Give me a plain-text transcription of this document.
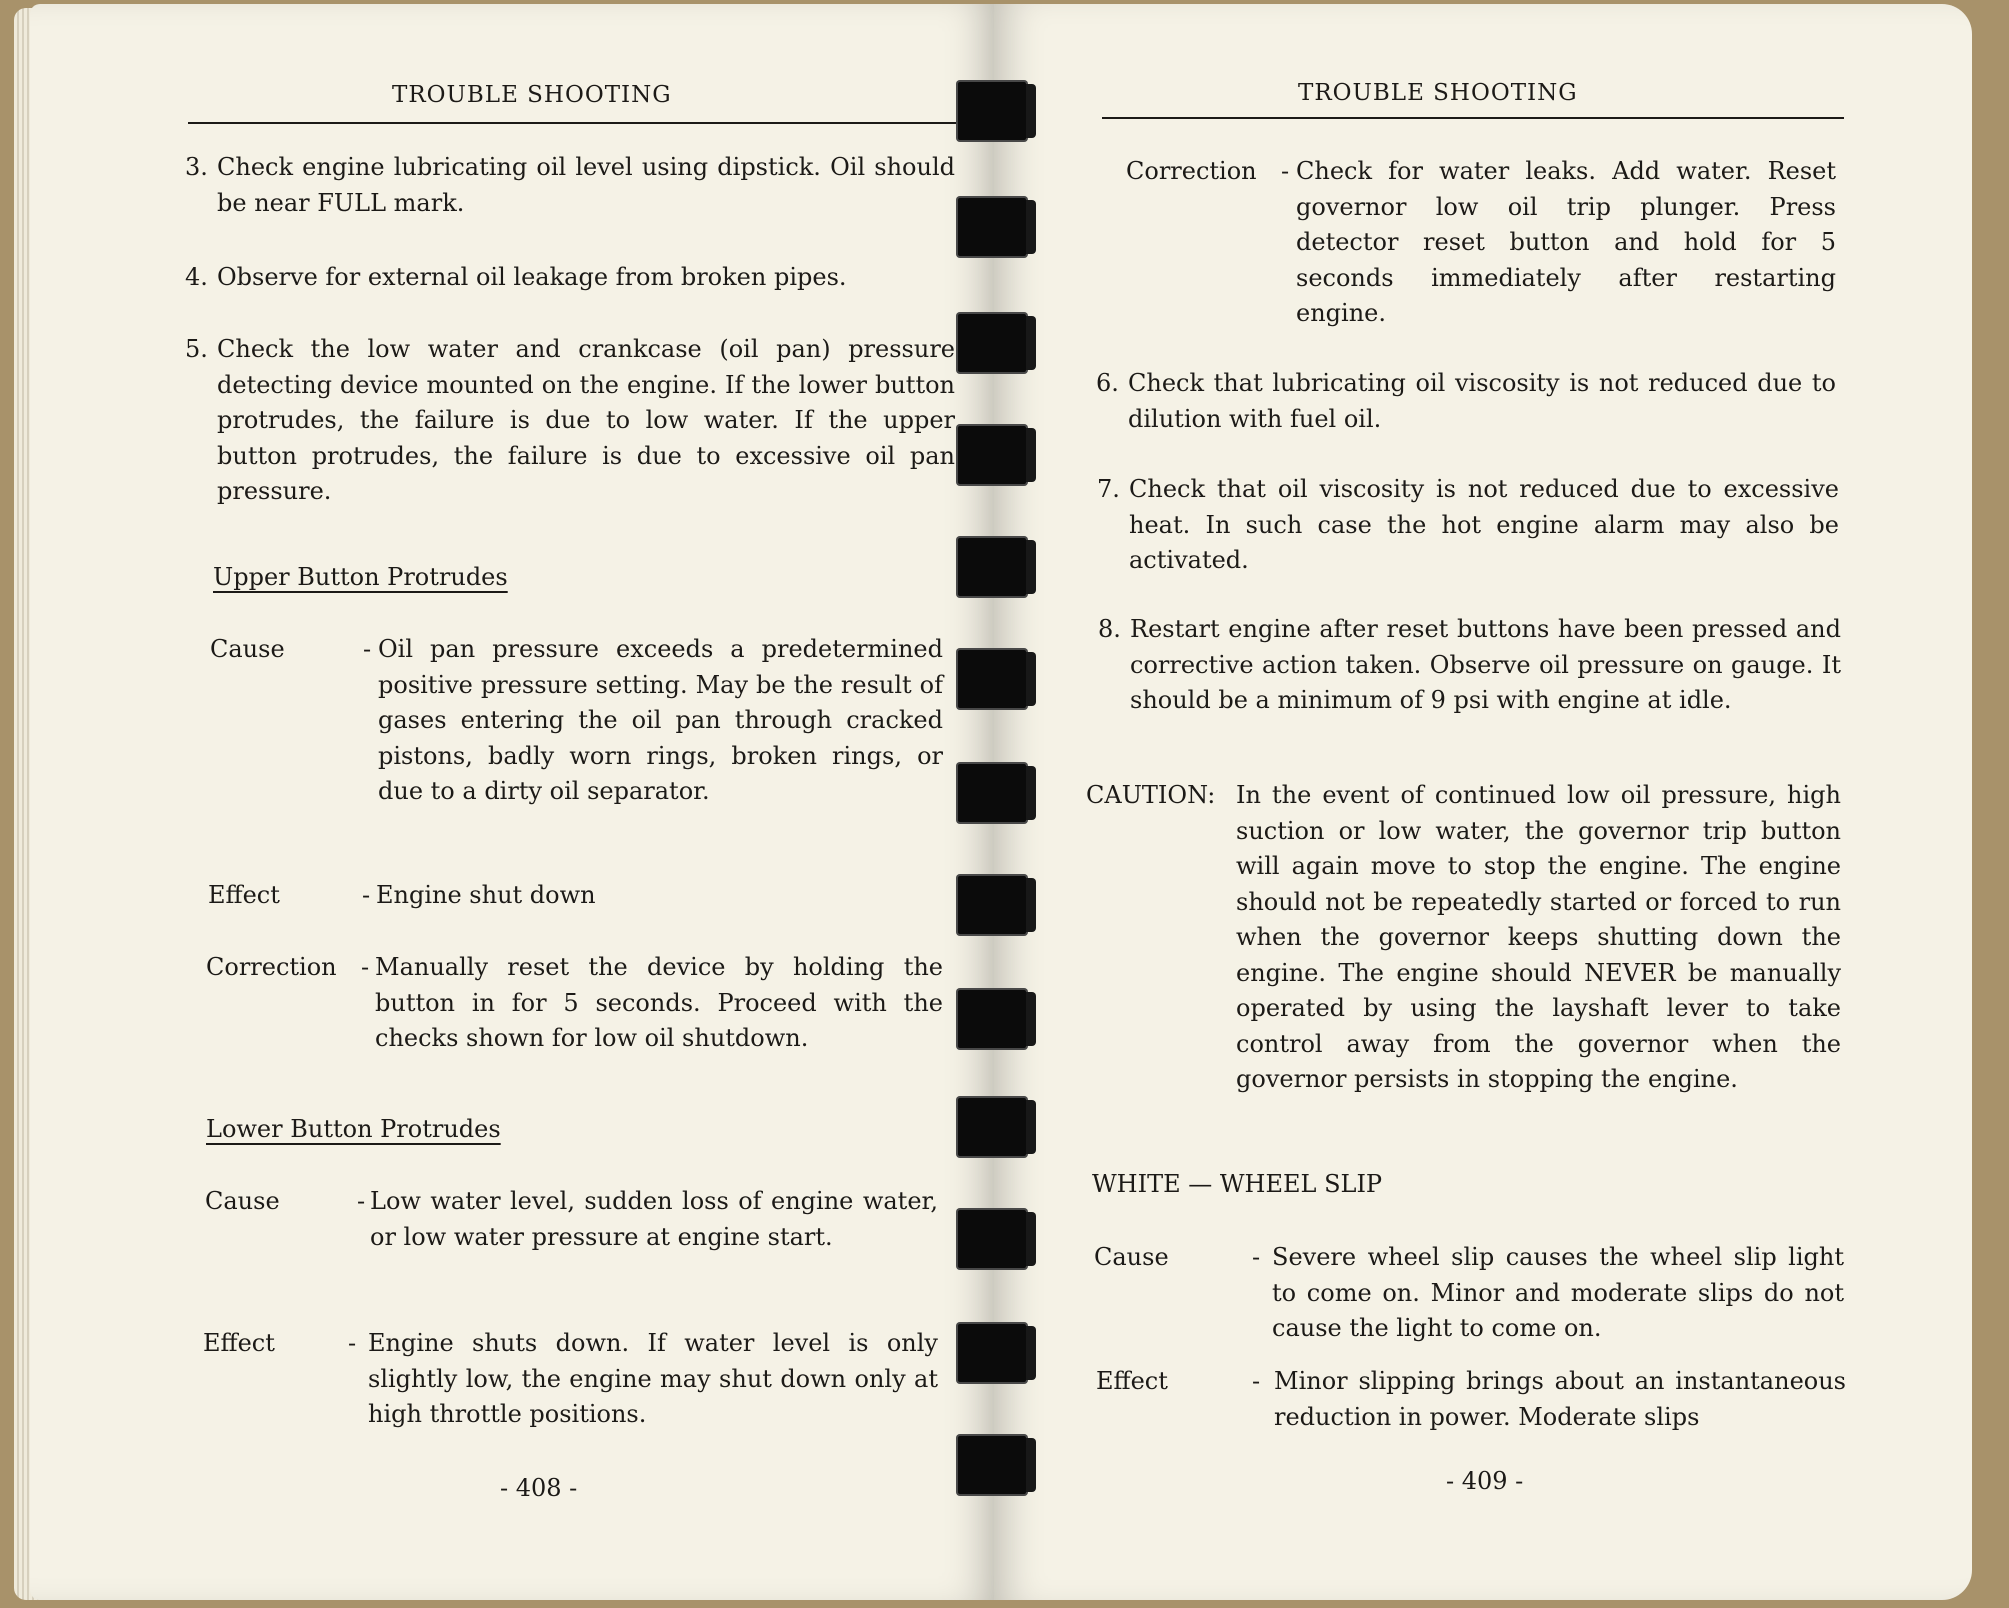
TROUBLE SHOOTING
3. Check engine lubricating oil level using dipstick. Oil should be near FULL mark.
4. Observe for external oil leakage from broken pipes.
5. Check the low water and crankcase (oil pan) pressure detecting device mounted on the engine. If the lower button protrudes, the failure is due to low water. If the upper button protrudes, the failure is due to excessive oil pan pressure.
Upper Button Protrudes
Cause	- Oil pan pressure exceeds a predetermined positive pressure setting. May be the result of gases entering the oil pan through cracked pistons, badly worn rings, broken rings, or due to a dirty oil separator.

Effect	- Engine shut down

Correction - Manually reset the device by holding the button in for 5 seconds. Proceed with the checks shown for low oil shutdown.

Lower Button Protrudes
Cause	- Low water level, sudden loss of engine water, or low water pressure at engine start.

Effect	- Engine shuts down. If water level is only slightly low, the engine may shut down only at high throttle positions.

- 408 -
TROUBLE SHOOTING
Correction - Check for water leaks. Add water. Reset governor low oil trip plunger. Press detector reset button and hold for 5 seconds immediately after restarting engine.

6. Check that lubricating oil viscosity is not reduced due to dilution with fuel oil.
7. Check that oil viscosity is not reduced due to excessive heat. In such case the hot engine alarm may also be activated.
8. Restart engine after reset buttons have been pressed and corrective action taken. Observe oil pressure on gauge. It should be a minimum of 9 psi with engine at idle.
CAUTION: In the event of continued low oil pressure, high suction or low water, the governor trip button will again move to stop the engine. The engine should not be repeatedly started or forced to run when the governor keeps shutting down the engine. The engine should NEVER be manually operated by using the layshaft lever to take control away from the governor when the governor persists in stopping the engine.

WHITE — WHEEL SLIP
Cause	- Severe wheel slip causes the wheel slip light to come on. Minor and moderate slips do not cause the light to come on.

Effect	- Minor slipping brings about an instantaneous reduction in power. Moderate slips

- 409 -
